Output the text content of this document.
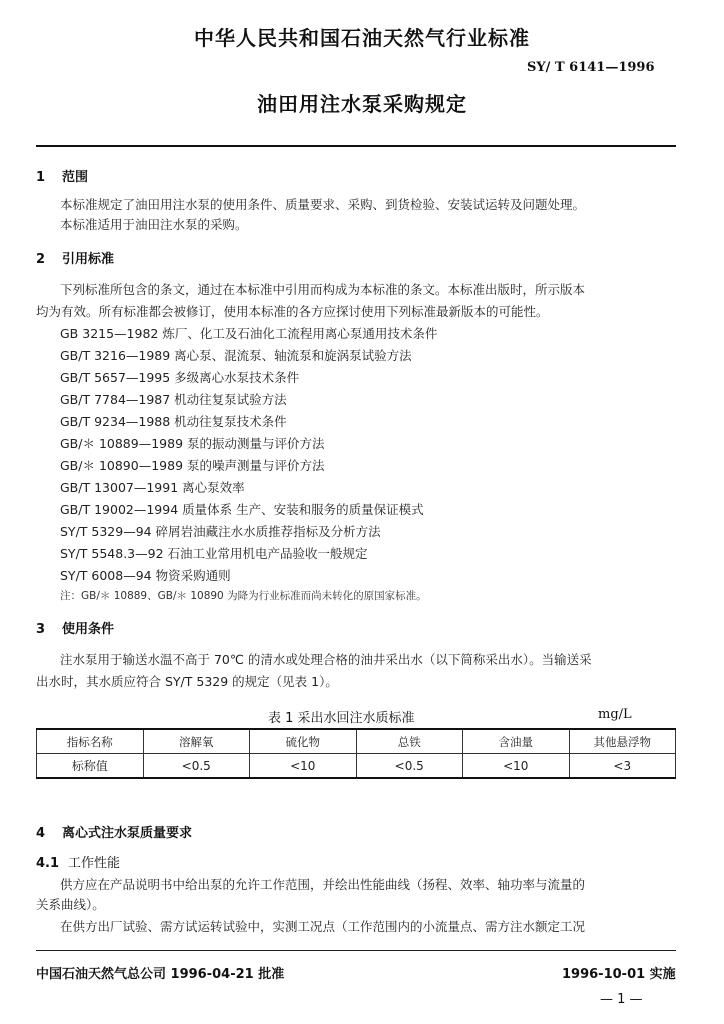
中华人民共和国石油天然气行业标准
SY/ T 6141—1996
油田用注水泵采购规定
1 范围
本标准规定了油田用注水泵的使用条件、质量要求、采购、到货检验、安装试运转及问题处理。
本标准适用于油田注水泵的采购。
2 引用标准
下列标准所包含的条文，通过在本标准中引用而构成为本标准的条文。本标准出版时，所示版本
均为有效。所有标准都会被修订，使用本标准的各方应探讨使用下列标准最新版本的可能性。
GB 3215—1982 炼厂、化工及石油化工流程用离心泵通用技术条件
GB/T 3216—1989 离心泵、混流泵、轴流泵和旋涡泵试验方法
GB/T 5657—1995 多级离心水泵技术条件
GB/T 7784—1987 机动往复泵试验方法
GB/T 9234—1988 机动往复泵技术条件
GB/＊ 10889—1989 泵的振动测量与评价方法
GB/＊ 10890—1989 泵的噪声测量与评价方法
GB/T 13007—1991 离心泵效率
GB/T 19002—1994 质量体系 生产、安装和服务的质量保证模式
SY/T 5329—94 碎屑岩油藏注水水质推荐指标及分析方法
SY/T 5548.3—92 石油工业常用机电产品验收一般规定
SY/T 6008—94 物资采购通则
注：GB/＊ 10889、GB/＊ 10890 为降为行业标准而尚未转化的原国家标准。
3 使用条件
注水泵用于输送水温不高于 70℃ 的清水或处理合格的油井采出水（以下简称采出水）。当输送采
出水时，其水质应符合 SY/T 5329 的规定（见表 1）。
表 1 采出水回注水质标准	mg/L
指标名称	溶解氧	硫化物	总铁	含油量	其他悬浮物
标称值	<0.5	<10	<0.5	<10	<3
4 离心式注水泵质量要求
4.1 工作性能
供方应在产品说明书中给出泵的允许工作范围，并绘出性能曲线（扬程、效率、轴功率与流量的
关系曲线）。
在供方出厂试验、需方试运转试验中，实测工况点（工作范围内的小流量点、需方注水额定工况
中国石油天然气总公司 1996-04-21 批准	1996-10-01 实施
— 1 —
